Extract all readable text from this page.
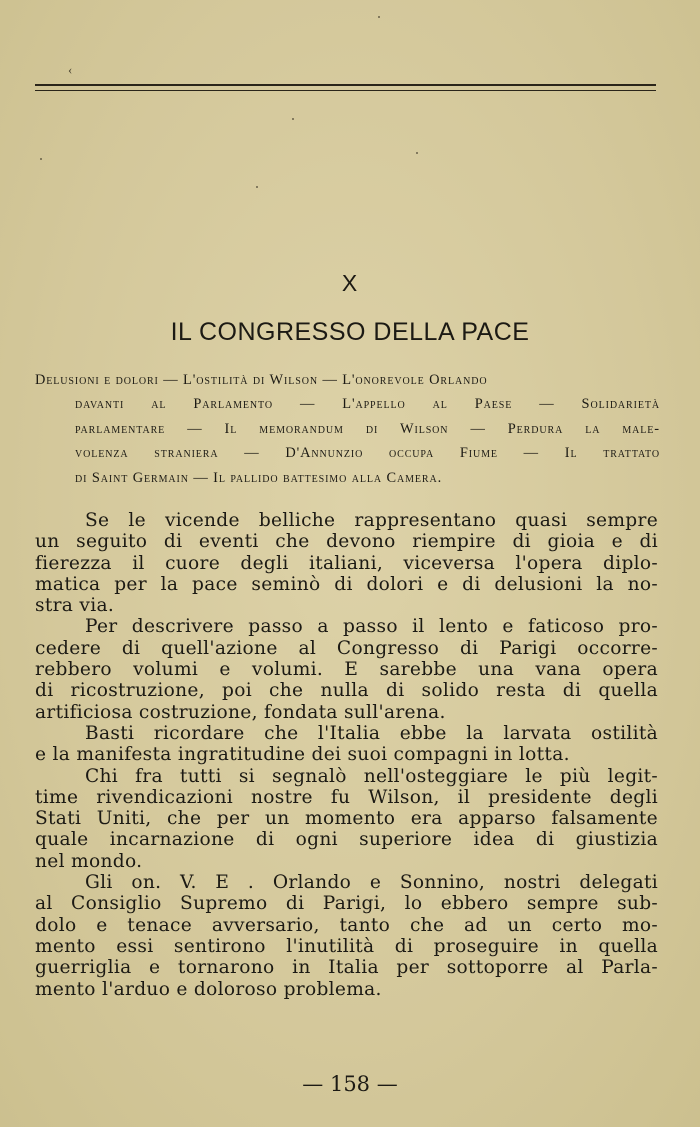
‹
X
IL CONGRESSO DELLA PACE
Delusioni e dolori — L'ostilità di Wilson — L'onorevole Orlando
davanti al Parlamento — L'appello al Paese — Solidarietà
parlamentare — Il memorandum di Wilson — Perdura la male-
volenza straniera — D'Annunzio occupa Fiume — Il trattato
di Saint Germain — Il pallido battesimo alla Camera.
Se le vicende belliche rappresentano quasi sempre
un seguito di eventi che devono riempire di gioia e di
fierezza il cuore degli italiani, viceversa l'opera diplo-
matica per la pace seminò di dolori e di delusioni la no-
stra via.
Per descrivere passo a passo il lento e faticoso pro-
cedere di quell'azione al Congresso di Parigi occorre-
rebbero volumi e volumi. E sarebbe una vana opera
di ricostruzione, poi che nulla di solido resta di quella
artificiosa costruzione, fondata sull'arena.
Basti ricordare che l'Italia ebbe la larvata ostilità
e la manifesta ingratitudine dei suoi compagni in lotta.
Chi fra tutti si segnalò nell'osteggiare le più legit-
time rivendicazioni nostre fu Wilson, il presidente degli
Stati Uniti, che per un momento era apparso falsamente
quale incarnazione di ogni superiore idea di giustizia
nel mondo.
Gli on. V. E . Orlando e Sonnino, nostri delegati
al Consiglio Supremo di Parigi, lo ebbero sempre sub-
dolo e tenace avversario, tanto che ad un certo mo-
mento essi sentirono l'inutilità di proseguire in quella
guerriglia e tornarono in Italia per sottoporre al Parla-
mento l'arduo e doloroso problema.
— 158 —
